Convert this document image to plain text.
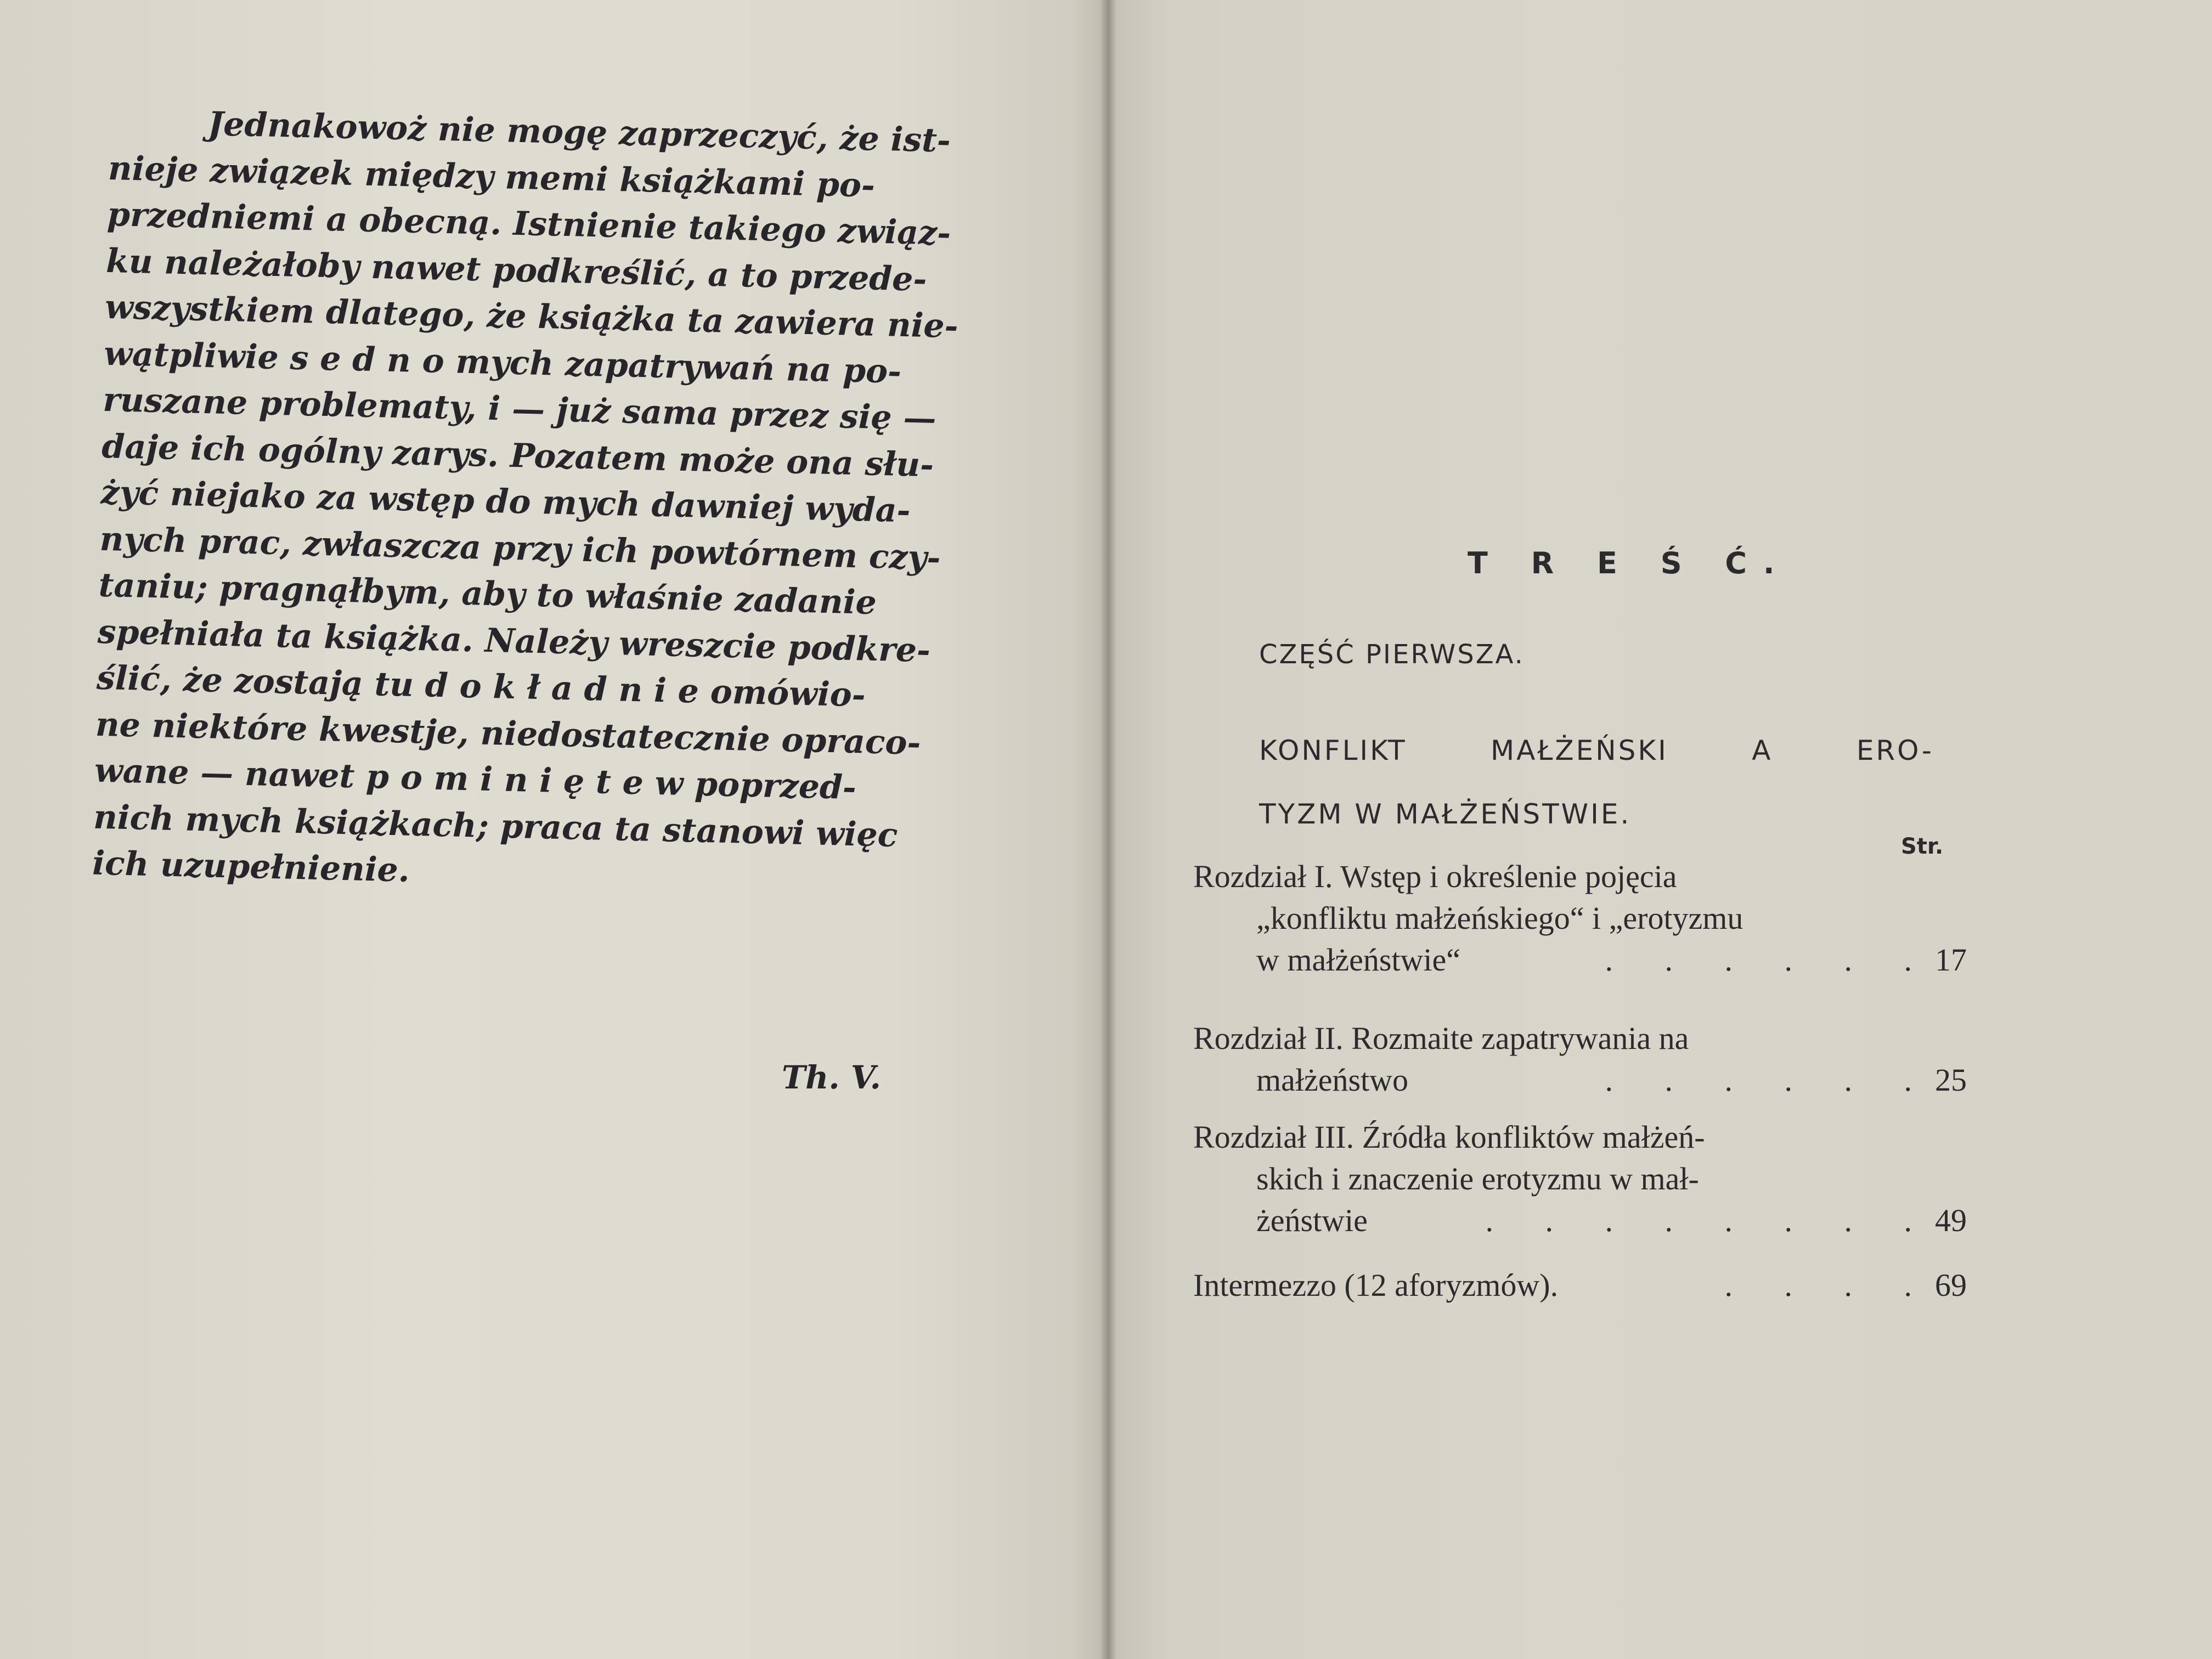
Jednakowoż nie mogę zaprzeczyć, że ist-
nieje związek między memi książkami po-
przedniemi a obecną. Istnienie takiego związ-
ku należałoby nawet podkreślić, a to przede-
wszystkiem dlatego, że książka ta zawiera nie-
wątpliwie s e d n o mych zapatrywań na po-
ruszane problematy, i — już sama przez się —
daje ich ogólny zarys. Pozatem może ona słu-
żyć niejako za wstęp do mych dawniej wyda-
nych prac, zwłaszcza przy ich powtórnem czy-
taniu; pragnąłbym, aby to właśnie zadanie
spełniała ta książka. Należy wreszcie podkre-
ślić, że zostają tu d o k ł a d n i e omówio-
ne niektóre kwestje, niedostatecznie opraco-
wane — nawet p o m i n i ę t e w poprzed-
nich mych książkach; praca ta stanowi więc
ich uzupełnienie.
Th. V.
T R E Ś Ć.
CZĘŚĆ PIERWSZA.
KONFLIKT	MAŁŻEŃSKI	A	ERO-
TYZM W MAŁŻEŃSTWIE.
Str.
Rozdział I. Wstęp i określenie pojęcia
„konfliktu małżeńskiego“ i „erotyzmu
w małżeństwie“	. . . . . . 17
Rozdział II. Rozmaite zapatrywania na
małżeństwo	. . . . . . 25
Rozdział III. Źródła konfliktów małżeń-
skich i znaczenie erotyzmu w mał-
żeństwie	. . . . . . . . 49
Intermezzo (12 aforyzmów).	. . . . 69
